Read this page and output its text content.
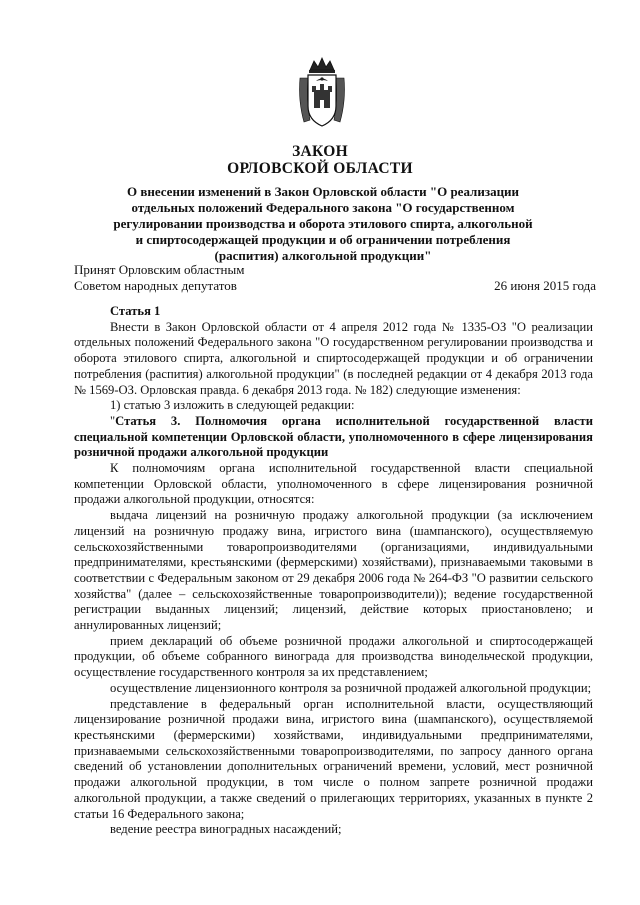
ЗАКОН
ОРЛОВСКОЙ ОБЛАСТИ
О внесении изменений в Закон Орловской области "О реализации отдельных положений Федерального закона "О государственном регулировании производства и оборота этилового спирта, алкогольной и спиртосодержащей продукции и об ограничении потребления (распития) алкогольной продукции"
Принят Орловским областным
Советом народных депутатов	26 июня 2015 года

Статья 1

Внести в Закон Орловской области от 4 апреля 2012 года № 1335-ОЗ "О реализации отдельных положений Федерального закона "О государственном регулировании производства и оборота этилового спирта, алкогольной и спиртосодержащей продукции и об ограничении потребления (распития) алкогольной продукции" (в последней редакции от 4 декабря 2013 года № 1569-ОЗ. Орловская правда. 6 декабря 2013 года. № 182) следующие изменения:

1) статью 3 изложить в следующей редакции:

"Статья 3. Полномочия органа исполнительной государственной власти специальной компетенции Орловской области, уполномоченного в сфере лицензирования розничной продажи алкогольной продукции

К полномочиям органа исполнительной государственной власти специальной компетенции Орловской области, уполномоченного в сфере лицензирования розничной продажи алкогольной продукции, относятся:

выдача лицензий на розничную продажу алкогольной продукции (за исключением лицензий на розничную продажу вина, игристого вина (шампанского), осуществляемую сельскохозяйственными товаропроизводителями (организациями, индивидуальными предпринимателями, крестьянскими (фермерскими) хозяйствами), признаваемыми таковыми в соответствии с Федеральным законом от 29 декабря 2006 года № 264-ФЗ "О развитии сельского хозяйства" (далее – сельскохозяйственные товаропроизводители)); ведение государственной регистрации выданных лицензий; лицензий, действие которых приостановлено; и аннулированных лицензий;

прием деклараций об объеме розничной продажи алкогольной и спиртосодержащей продукции, об объеме собранного винограда для производства винодельческой продукции, осуществление государственного контроля за их представлением;

осуществление лицензионного контроля за розничной продажей алкогольной продукции;

представление в федеральный орган исполнительной власти, осуществляющий лицензирование розничной продажи вина, игристого вина (шампанского), осуществляемой крестьянскими (фермерскими) хозяйствами, индивидуальными предпринимателями, признаваемыми сельскохозяйственными товаропроизводителями, по запросу данного органа сведений об установлении дополнительных ограничений времени, условий, мест розничной продажи алкогольной продукции, в том числе о полном запрете розничной продажи алкогольной продукции, а также сведений о прилегающих территориях, указанных в пункте 2 статьи 16 Федерального закона;

ведение реестра виноградных насаждений;
